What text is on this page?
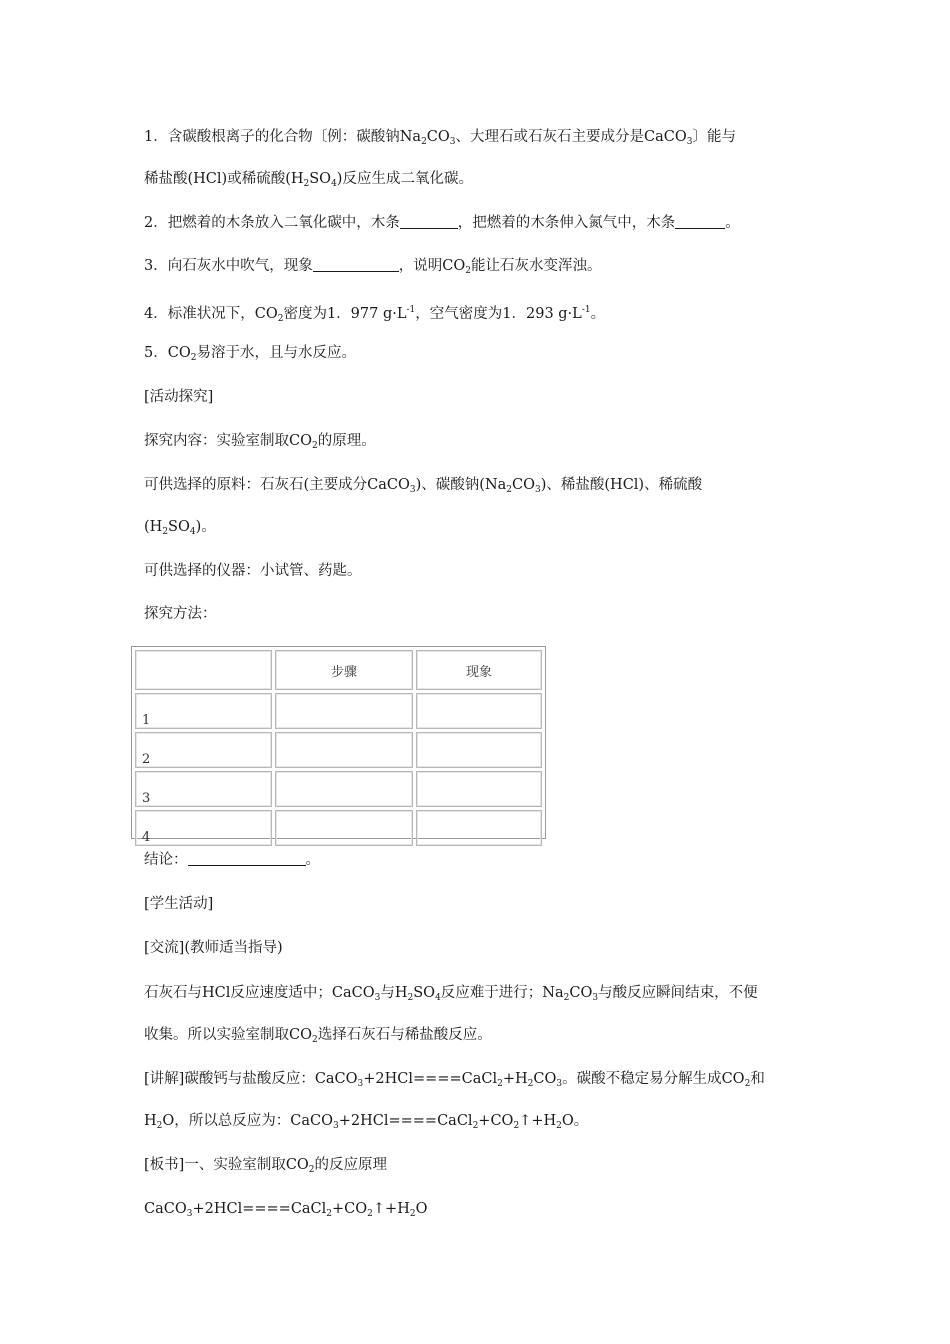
1．含碳酸根离子的化合物〔例：碳酸钠$Na_2CO_3$、大理石或石灰石主要成分是CaCO$_3$〕能与
稀盐酸(HCl)或稀硫酸$(H_2SO_4)$反应生成二氧化碳。
2．把燃着的木条放入二氧化碳中，木条	，把燃着的木条伸入氮气中，木条	。
3．向石灰水中吹气，现象	，说明$CO_2$能让石灰水变浑浊。
4．标准状况下，$CO_2$密度为1．977 $g\cdot L^{-1}$，空气密度为1．293 $g\cdot L^{-1}$。
5．$CO_2$易溶于水，且与水反应。
[活动探究]
探究内容：实验室制取$CO_2$的原理。
可供选择的原料：石灰石(主要成分CaCO$_3$)、碳酸钠$(Na_2CO_3)$、稀盐酸(HCl)、稀硫酸
$(H_2SO_4)$。
可供选择的仪器：小试管、药匙。
探究方法：
	步骤	现象
1		
2		
3		
4		
结论：	。
[学生活动]
[交流](教师适当指导)
石灰石与HCl反应速度适中；CaCO$_3$与$H_2SO_4$反应难于进行；$Na_2CO_3$与酸反应瞬间结束，不便
收集。所以实验室制取$CO_2$选择石灰石与稀盐酸反应。
[讲解]碳酸钙与盐酸反应：$CaCO_3+2HCl====CaCl_2+H_2CO_3$。碳酸不稳定易分解生成$CO_2$和
$H_2O$，所以总反应为：$CaCO_3+2HCl====CaCl_2+CO_2↑+H_2O$。
[板书]一、实验室制取$CO_2$的反应原理
$CaCO_3+2HCl====CaCl_2+CO_2↑+H_2O$
